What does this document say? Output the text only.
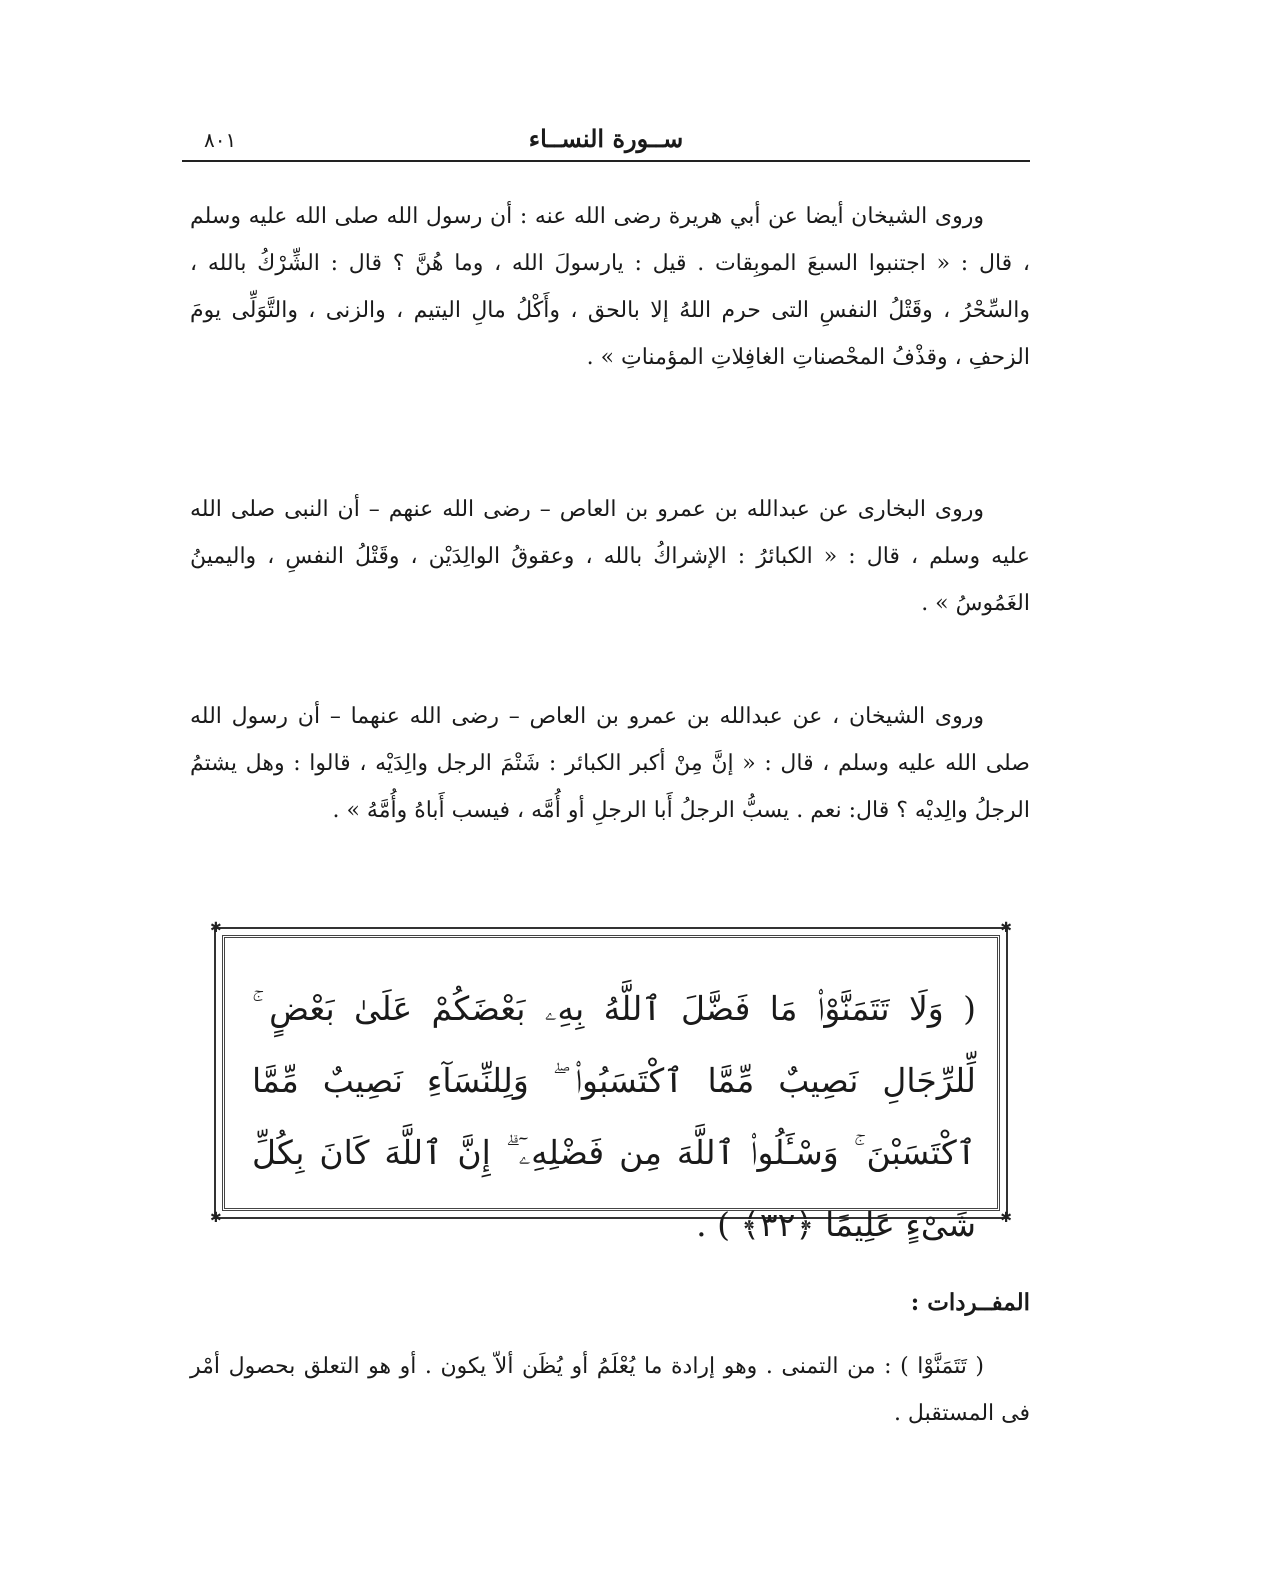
ســورة النســاء
٨٠١

وروى الشيخان أيضا عن أبي هريرة رضى الله عنه : أن رسول الله صلى الله عليه وسلم ، قال : « اجتنبوا السبعَ الموبِقات . قيل : يارسولَ الله ، وما هُنَّ ؟ قال : الشِّرْكُ بالله ، والسِّحْرُ ، وقَتْلُ النفسِ التى حرم اللهُ إلا بالحق ، وأَكْلُ مالِ اليتيم ، والزنى ، والتَّوَلِّى يومَ الزحفِ ، وقذْفُ المحْصناتِ الغافِلاتِ المؤمناتِ » .

وروى البخارى عن عبدالله بن عمرو بن العاص – رضى الله عنهم – أن النبى صلى الله عليه وسلم ، قال : « الكبائرُ : الإشراكُ بالله ، وعقوقُ الوالِدَيْن ، وقَتْلُ النفسِ ، واليمينُ الغَمُوسُ » .

وروى الشيخان ، عن عبدالله بن عمرو بن العاص – رضى الله عنهما – أن رسول الله صلى الله عليه وسلم ، قال : « إنَّ مِنْ أكبر الكبائر : شَتْمَ الرجل والِدَيْه ، قالوا : وهل يشتمُ الرجلُ والِديْه ؟ قال: نعم . يسبُّ الرجلُ أَبا الرجلِ أو أُمَّه ، فيسب أَباهُ وأُمَّهُ » .

✱	✱
✱	✱
( وَلَا تَتَمَنَّوْا۟ مَا فَضَّلَ ٱللَّهُ بِهِۦ بَعْضَكُمْ عَلَىٰ بَعْضٍ ۚ لِّلرِّجَالِ نَصِيبٌ مِّمَّا ٱكْتَسَبُوا۟ ۖ وَلِلنِّسَآءِ نَصِيبٌ مِّمَّا ٱكْتَسَبْنَ ۚ وَسْـَٔلُوا۟ ٱللَّهَ مِن فَضْلِهِۦٓ ۗ إِنَّ ٱللَّهَ كَانَ بِكُلِّ شَىْءٍ عَلِيمًا ﴿٣٢﴾ ) .
المفــردات :

( تَتَمَنَّوْا ) : من التمنى . وهو إرادة ما يُعْلَمُ أو يُظَن ألاّ يكون . أو هو التعلق بحصول أمْر فى المستقبل .
